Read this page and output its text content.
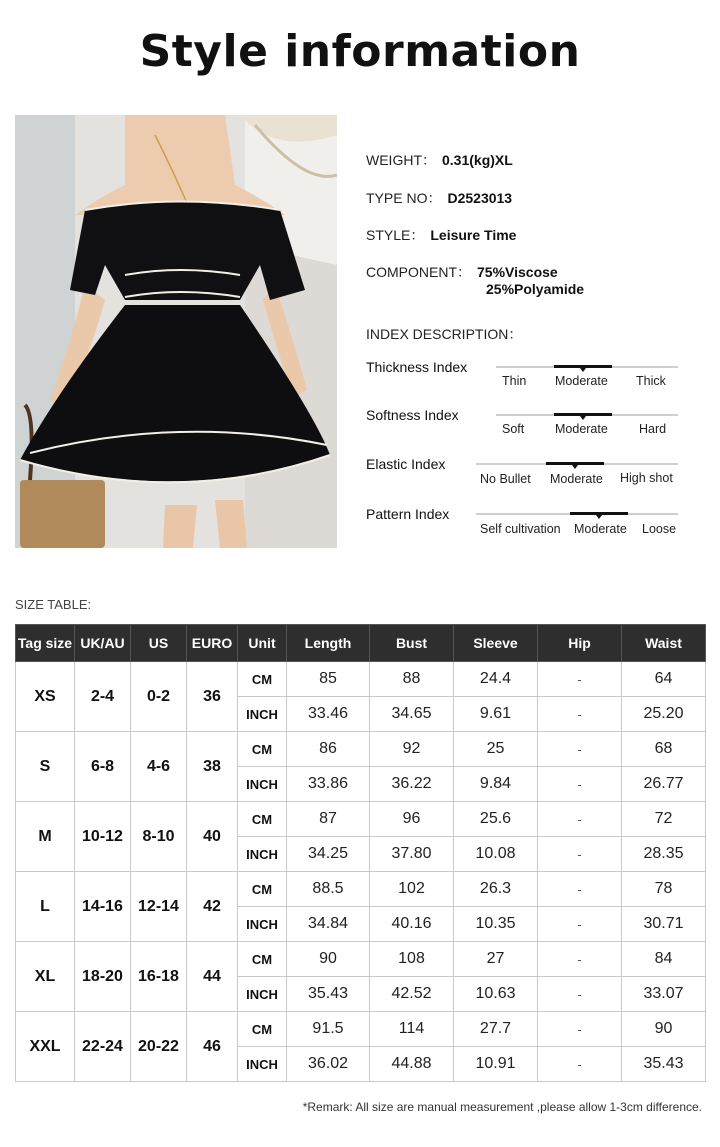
Style information
WEIGHT： 0.31(kg)XL
TYPE NO： D2523013
STYLE： Leisure Time
COMPONENT： 75%Viscose
25%Polyamide
INDEX DESCRIPTION：
Thickness Index
Thin Moderate Thick
Softness Index
Soft Moderate Hard
Elastic Index
No Bullet Moderate High shot
Pattern Index
Self cultivation Moderate Loose
SIZE TABLE:
Tag size	UK/AU	US	EURO	Unit	Length	Bust	Sleeve	Hip	Waist
XS	2-4	0-2	36	CM	85	88	24.4	-	64
				INCH	33.46	34.65	9.61	-	25.20
S	6-8	4-6	38	CM	86	92	25	-	68
				INCH	33.86	36.22	9.84	-	26.77
M	10-12	8-10	40	CM	87	96	25.6	-	72
				INCH	34.25	37.80	10.08	-	28.35
L	14-16	12-14	42	CM	88.5	102	26.3	-	78
				INCH	34.84	40.16	10.35	-	30.71
XL	18-20	16-18	44	CM	90	108	27	-	84
				INCH	35.43	42.52	10.63	-	33.07
XXL	22-24	20-22	46	CM	91.5	114	27.7	-	90
				INCH	36.02	44.88	10.91	-	35.43
*Remark: All size are manual measurement ,please allow 1-3cm difference.
